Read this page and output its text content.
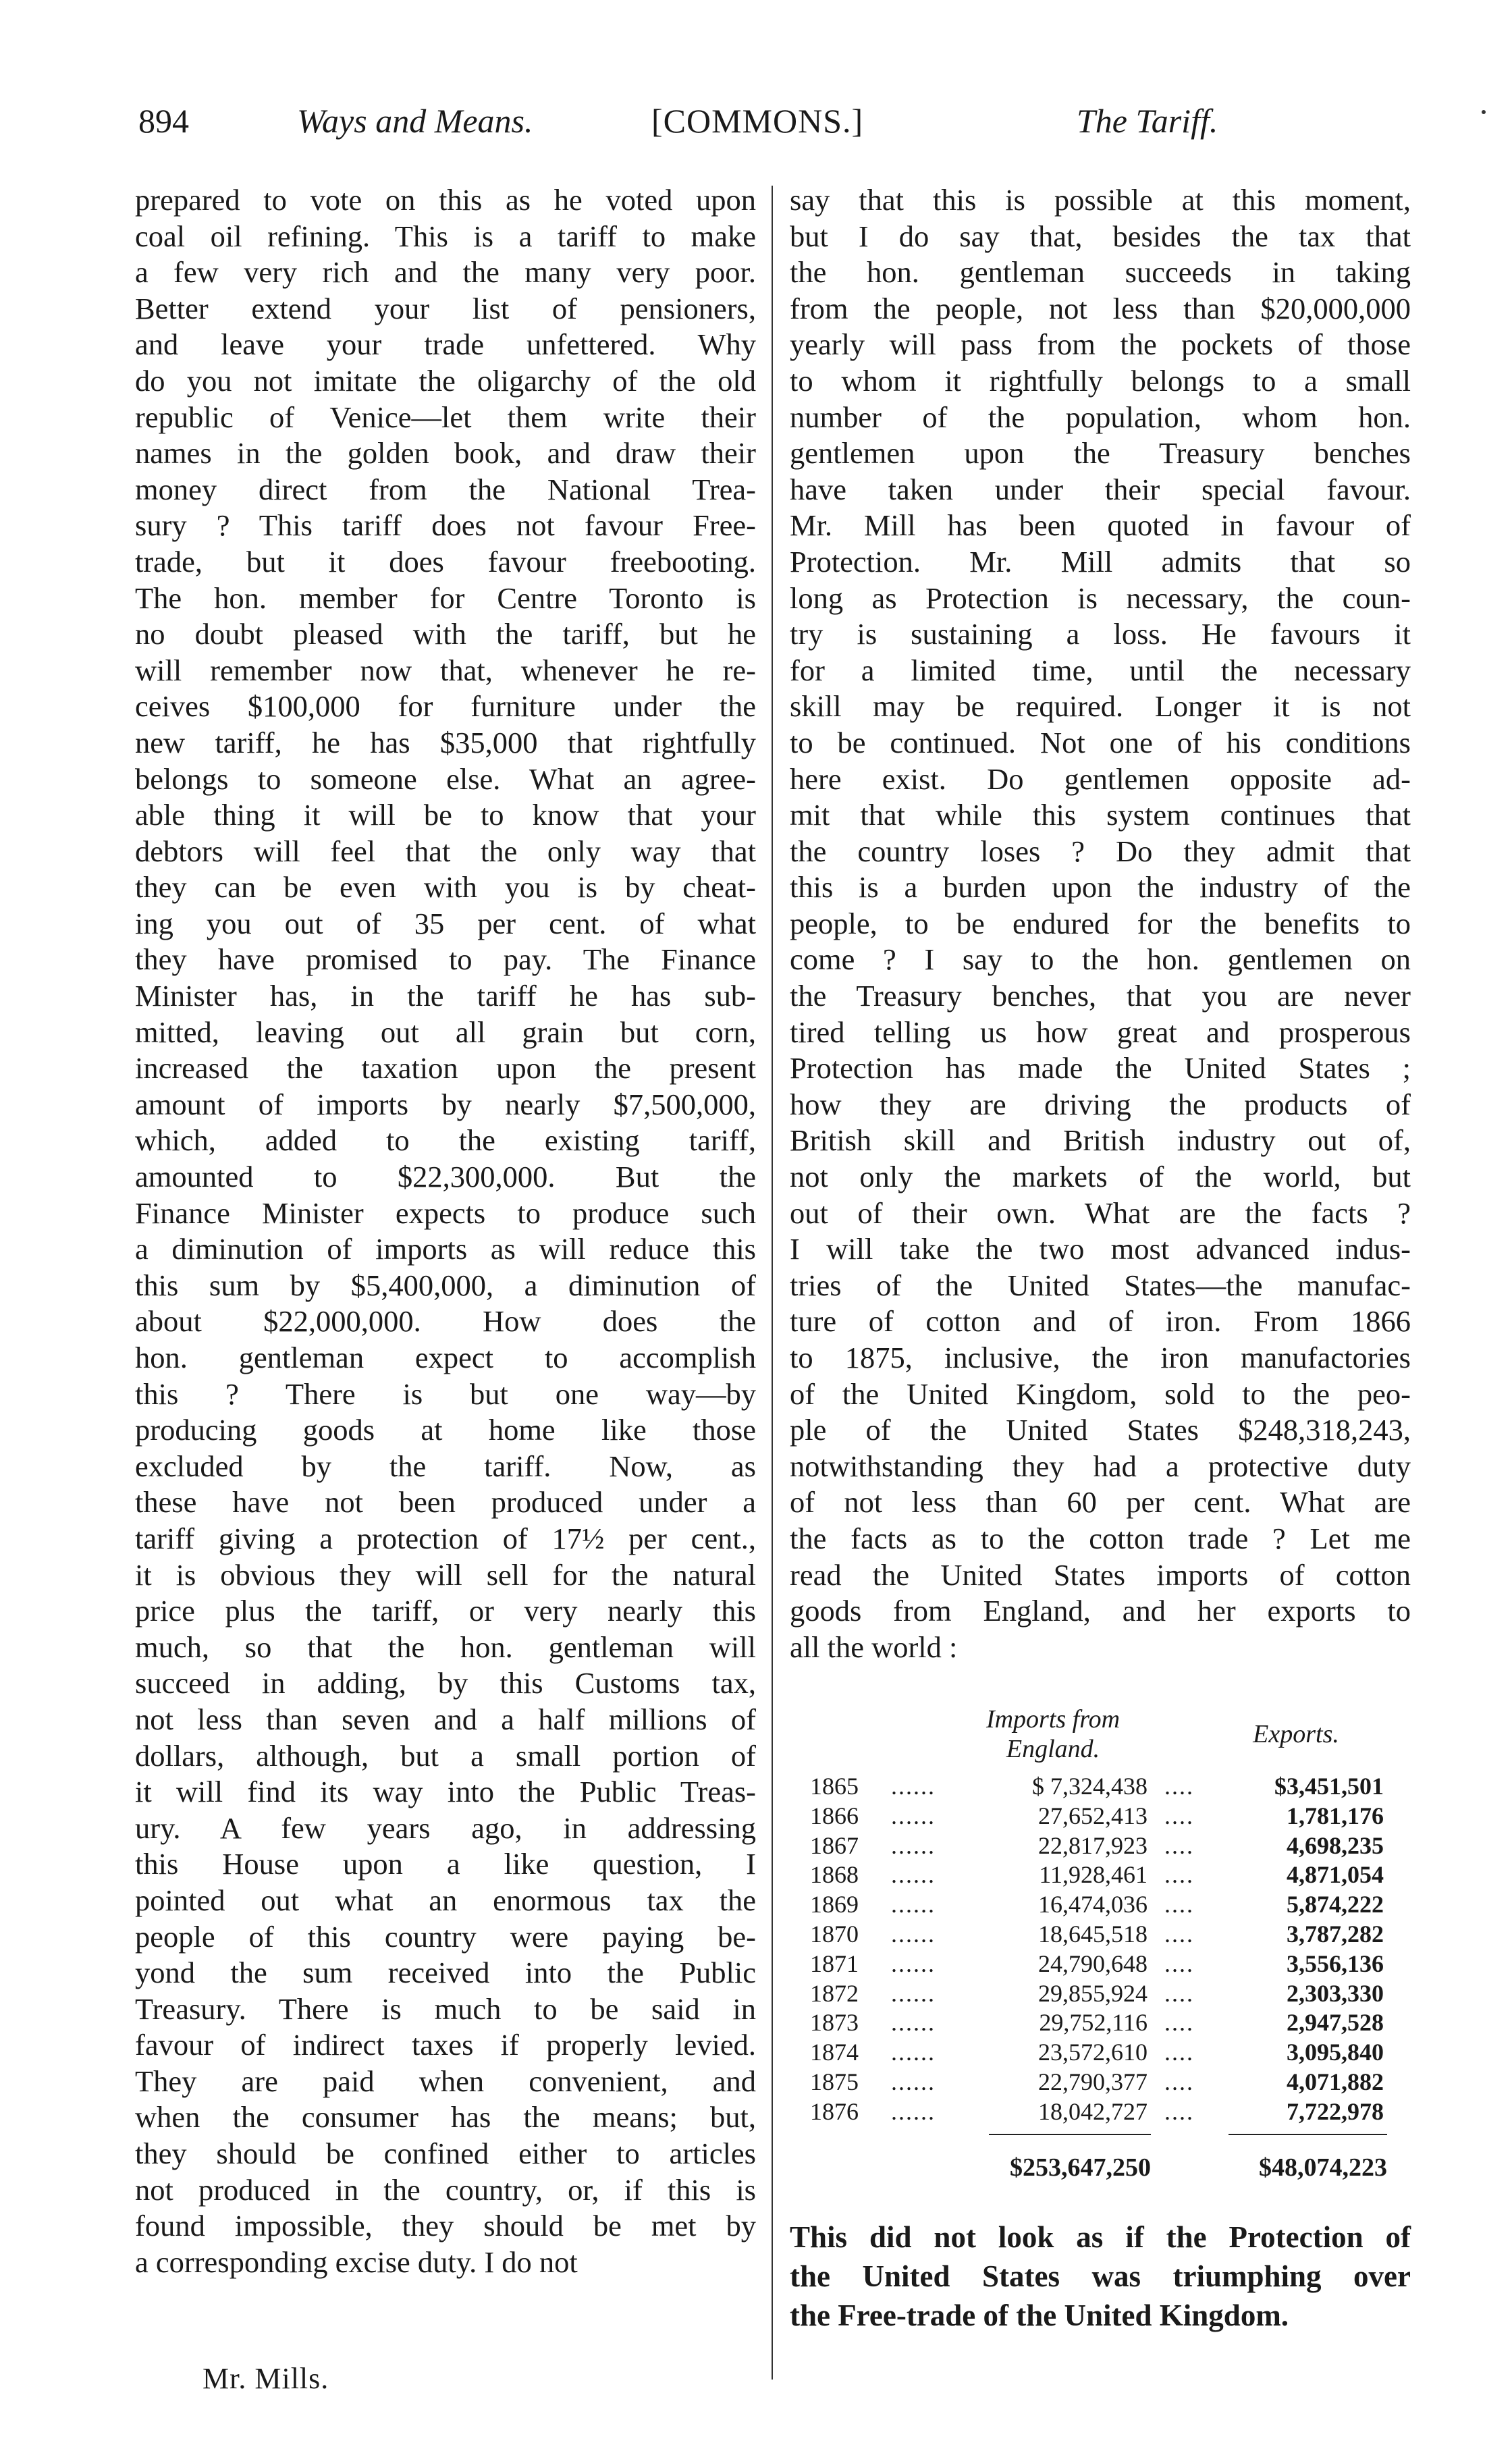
894	Ways and Means.	[COMMONS.]	The Tariff.
prepared to vote on this as he voted upon
coal oil refining. This is a tariff to make
a few very rich and the many very poor.
Better extend your list of pensioners,
and leave your trade unfettered. Why
do you not imitate the oligarchy of the old
republic of Venice—let them write their
names in the golden book, and draw their
money direct from the National Trea-
sury ? This tariff does not favour Free-
trade, but it does favour freebooting.
The hon. member for Centre Toronto is
no doubt pleased with the tariff, but he
will remember now that, whenever he re-
ceives $100,000 for furniture under the
new tariff, he has $35,000 that rightfully
belongs to someone else. What an agree-
able thing it will be to know that your
debtors will feel that the only way that
they can be even with you is by cheat-
ing you out of 35 per cent. of what
they have promised to pay. The Finance
Minister has, in the tariff he has sub-
mitted, leaving out all grain but corn,
increased the taxation upon the present
amount of imports by nearly $7,500,000,
which, added to the existing tariff,
amounted to $22,300,000. But the
Finance Minister expects to produce such
a diminution of imports as will reduce this
this sum by $5,400,000, a diminution of
about $22,000,000. How does the
hon. gentleman expect to accomplish
this ? There is but one way—by
producing goods at home like those
excluded by the tariff. Now, as
these have not been produced under a
tariff giving a protection of 17½ per cent.,
it is obvious they will sell for the natural
price plus the tariff, or very nearly this
much, so that the hon. gentleman will
succeed in adding, by this Customs tax,
not less than seven and a half millions of
dollars, although, but a small portion of
it will find its way into the Public Treas-
ury. A few years ago, in addressing
this House upon a like question, I
pointed out what an enormous tax the
people of this country were paying be-
yond the sum received into the Public
Treasury. There is much to be said in
favour of indirect taxes if properly levied.
They are paid when convenient, and
when the consumer has the means; but,
they should be confined either to articles
not produced in the country, or, if this is
found impossible, they should be met by
a corresponding excise duty. I do not
say that this is possible at this moment,
but I do say that, besides the tax that
the hon. gentleman succeeds in taking
from the people, not less than $20,000,000
yearly will pass from the pockets of those
to whom it rightfully belongs to a small
number of the population, whom hon.
gentlemen upon the Treasury benches
have taken under their special favour.
Mr. Mill has been quoted in favour of
Protection. Mr. Mill admits that so
long as Protection is necessary, the coun-
try is sustaining a loss. He favours it
for a limited time, until the necessary
skill may be required. Longer it is not
to be continued. Not one of his conditions
here exist. Do gentlemen opposite ad-
mit that while this system continues that
the country loses ? Do they admit that
this is a burden upon the industry of the
people, to be endured for the benefits to
come ? I say to the hon. gentlemen on
the Treasury benches, that you are never
tired telling us how great and prosperous
Protection has made the United States ;
how they are driving the products of
British skill and British industry out of,
not only the markets of the world, but
out of their own. What are the facts ?
I will take the two most advanced indus-
tries of the United States—the manufac-
ture of cotton and of iron. From 1866
to 1875, inclusive, the iron manufactories
of the United Kingdom, sold to the peo-
ple of the United States $248,318,243,
notwithstanding they had a protective duty
of not less than 60 per cent. What are
the facts as to the cotton trade ? Let me
read the United States imports of cotton
goods from England, and her exports to
all the world :
Mr. Mills.
Imports from England.
Exports.
1865 ......	$ 7,324,438 ....	$3,451,501
1866 ......	27,652,413 ....	1,781,176
1867 ......	22,817,923 ....	4,698,235
1868 ......	11,928,461 ....	4,871,054
1869 ......	16,474,036 ....	5,874,222
1870 ......	18,645,518 ....	3,787,282
1871 ......	24,790,648 ....	3,556,136
1872 ......	29,855,924 ....	2,303,330
1873 ......	29,752,116 ....	2,947,528
1874 ......	23,572,610 ....	3,095,840
1875 ......	22,790,377 ....	4,071,882
1876 ......	18,042,727 ....	7,722,978
$253,647,250	$48,074,223
This did not look as if the Protection of
the United States was triumphing over
the Free-trade of the United Kingdom.
